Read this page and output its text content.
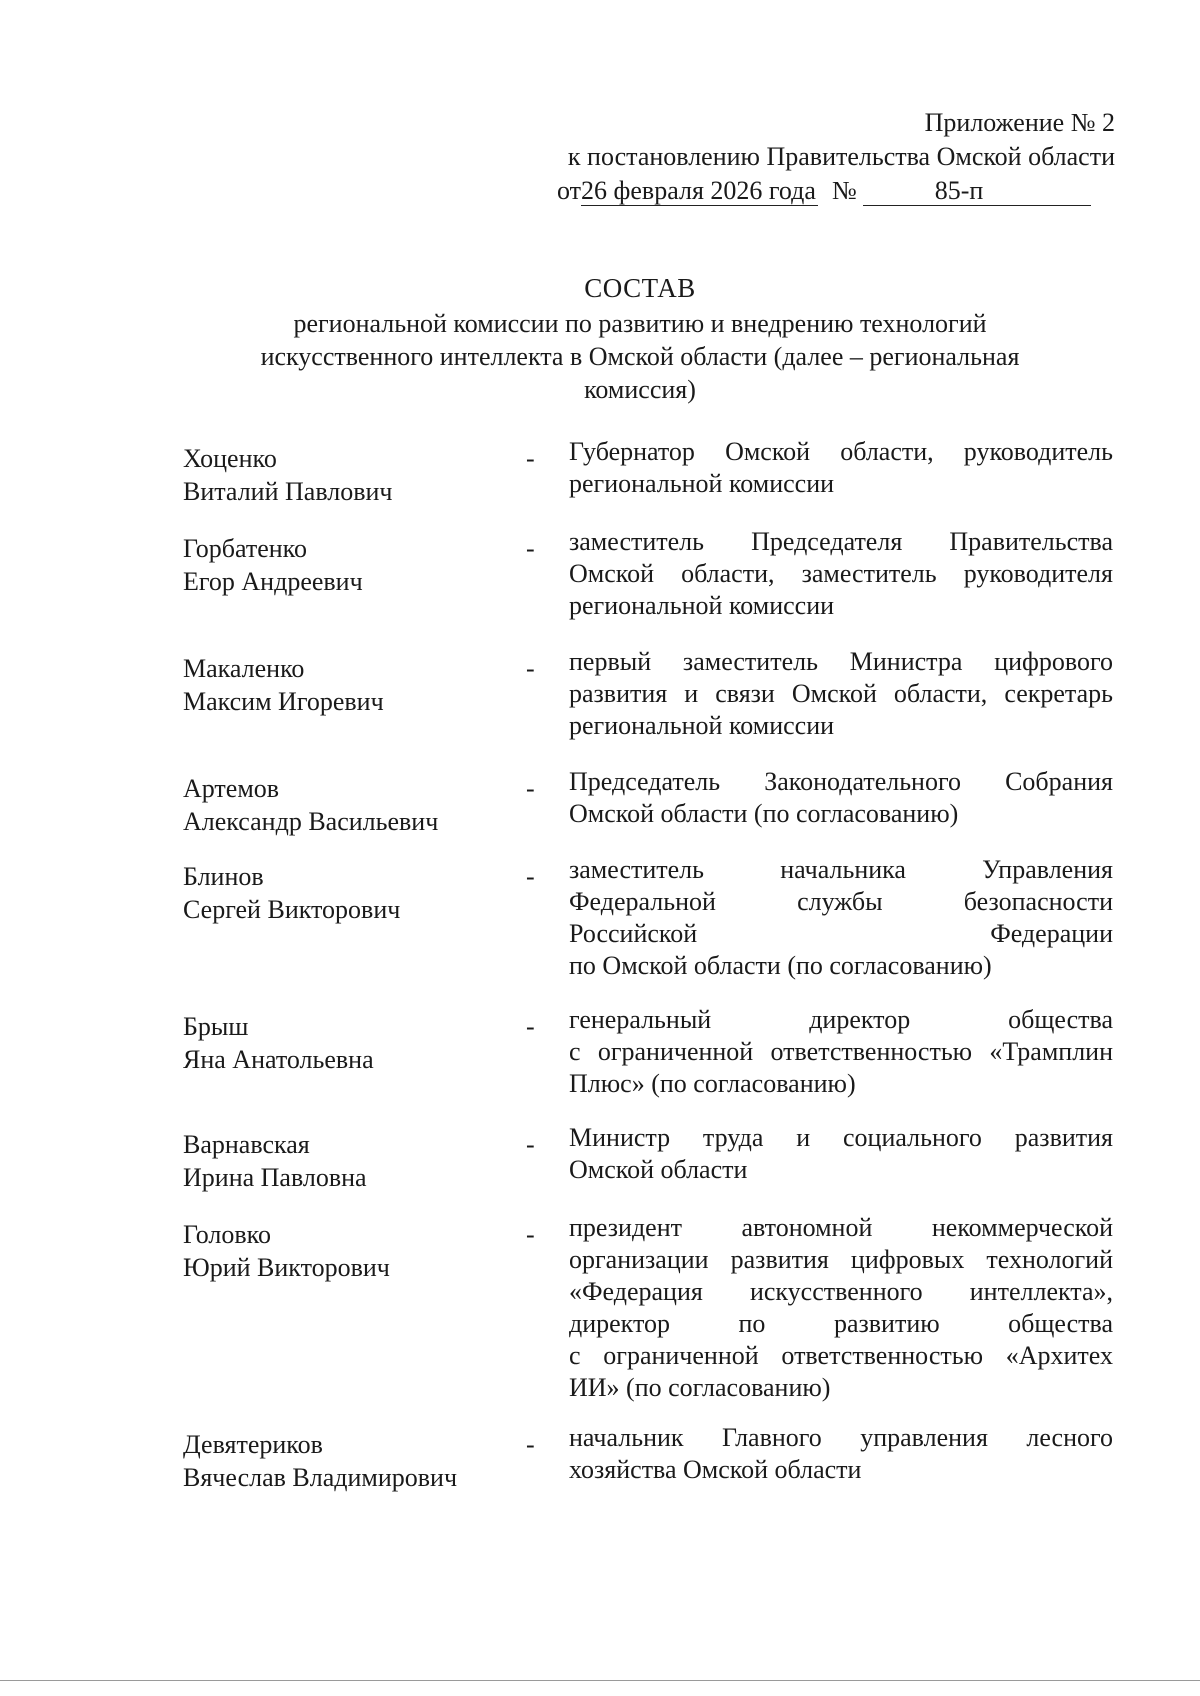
Приложение № 2
к постановлению Правительства Омской области
от26 февраля 2026 года №	85-п
СОСТАВ
региональной комиссии по развитию и внедрению технологий искусственного интеллекта в Омской области (далее – региональная комиссия)
Хоценко
Виталий Павлович
- Губернатор Омской области, руководитель
региональной комиссии
Горбатенко
Егор Андреевич
- заместитель Председателя Правительства
Омской области, заместитель руководителя
региональной комиссии
Макаленко
Максим Игоревич
- первый заместитель Министра цифрового
развития и связи Омской области, секретарь
региональной комиссии
Артемов
Александр Васильевич
- Председатель Законодательного Собрания
Омской области (по согласованию)
Блинов
Сергей Викторович
- заместитель начальника Управления
Федеральной службы безопасности
Российской Федерации
по Омской области (по согласованию)
Брыш
Яна Анатольевна
- генеральный директор общества
с ограниченной ответственностью «Трамплин
Плюс» (по согласованию)
Варнавская
Ирина Павловна
- Министр труда и социального развития
Омской области
Головко
Юрий Викторович
- президент автономной некоммерческой
организации развития цифровых технологий
«Федерация искусственного интеллекта»,
директор по развитию общества
с ограниченной ответственностью «Архитех
ИИ» (по согласованию)
Девятериков
Вячеслав Владимирович
- начальник Главного управления лесного
хозяйства Омской области
